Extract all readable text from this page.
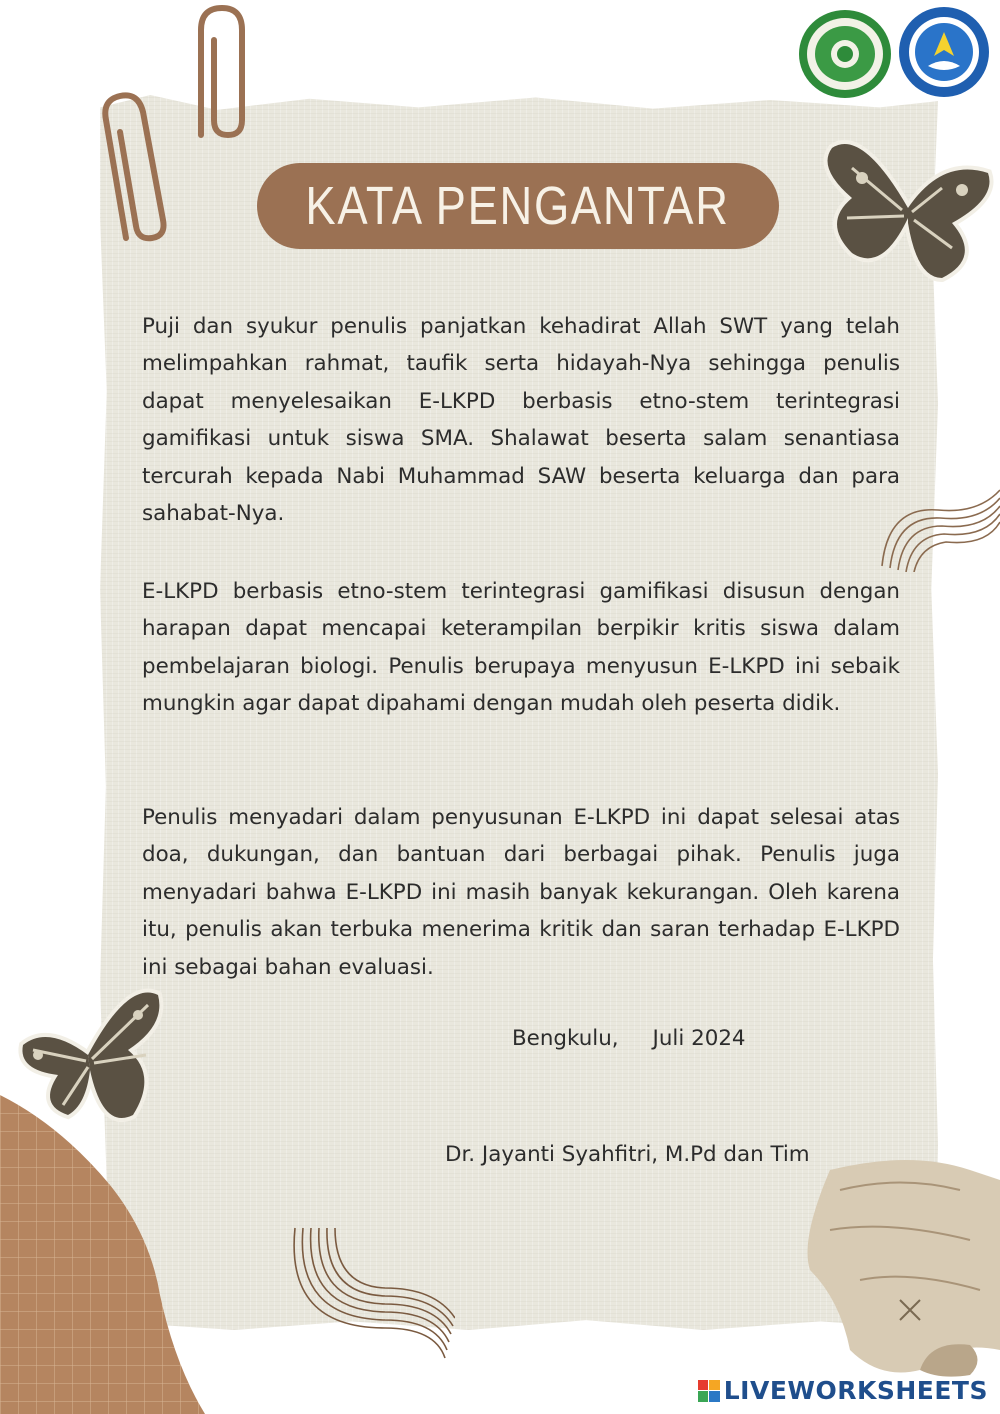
KATA PENGANTAR

Puji dan syukur penulis panjatkan kehadirat Allah SWT yang telah melimpahkan rahmat, taufik serta hidayah-Nya sehingga penulis dapat menyelesaikan E-LKPD berbasis etno-stem terintegrasi gamifikasi untuk siswa SMA. Shalawat beserta salam senantiasa tercurah kepada Nabi Muhammad SAW beserta keluarga dan para sahabat-Nya.

E-LKPD berbasis etno-stem terintegrasi gamifikasi disusun dengan harapan dapat mencapai keterampilan berpikir kritis siswa dalam pembelajaran biologi. Penulis berupaya menyusun E-LKPD ini sebaik mungkin agar dapat dipahami dengan mudah oleh peserta didik.

Penulis menyadari dalam penyusunan E-LKPD ini dapat selesai atas doa, dukungan, dan bantuan dari berbagai pihak. Penulis juga menyadari bahwa E-LKPD ini masih banyak kekurangan. Oleh karena itu, penulis akan terbuka menerima kritik dan saran terhadap E-LKPD ini sebagai bahan evaluasi.

Bengkulu,     Juli 2024
Dr. Jayanti Syahfitri, M.Pd dan Tim
LIVEWORKSHEETS
